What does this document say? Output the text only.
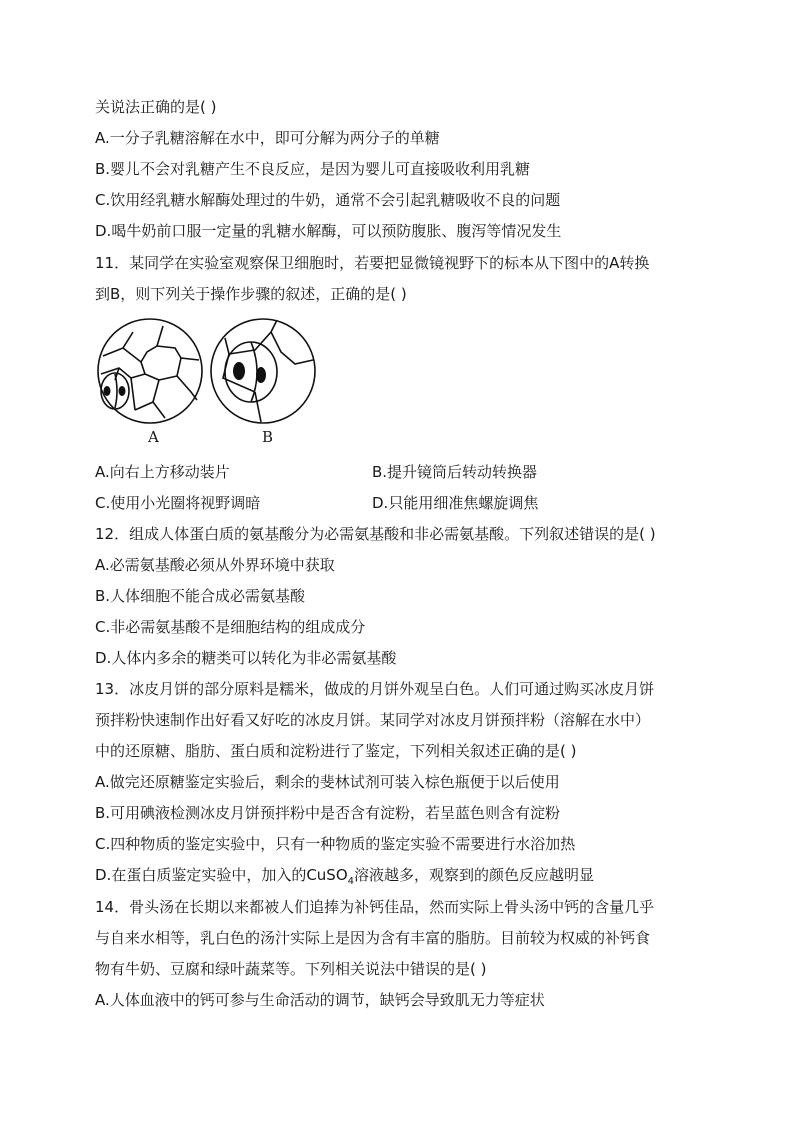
关说法正确的是( )
A.一分子乳糖溶解在水中，即可分解为两分子的单糖
B.婴儿不会对乳糖产生不良反应，是因为婴儿可直接吸收利用乳糖
C.饮用经乳糖水解酶处理过的牛奶，通常不会引起乳糖吸收不良的问题
D.喝牛奶前口服一定量的乳糖水解酶，可以预防腹胀、腹泻等情况发生
11．某同学在实验室观察保卫细胞时，若要把显微镜视野下的标本从下图中的A转换
到B，则下列关于操作步骤的叙述，正确的是( )
A	B
A.向右上方移动装片	B.提升镜筒后转动转换器
C.使用小光圈将视野调暗	D.只能用细准焦螺旋调焦
12．组成人体蛋白质的氨基酸分为必需氨基酸和非必需氨基酸。下列叙述错误的是( )
A.必需氨基酸必须从外界环境中获取
B.人体细胞不能合成必需氨基酸
C.非必需氨基酸不是细胞结构的组成成分
D.人体内多余的糖类可以转化为非必需氨基酸
13．冰皮月饼的部分原料是糯米，做成的月饼外观呈白色。人们可通过购买冰皮月饼
预拌粉快速制作出好看又好吃的冰皮月饼。某同学对冰皮月饼预拌粉（溶解在水中）
中的还原糖、脂肪、蛋白质和淀粉进行了鉴定，下列相关叙述正确的是( )
A.做完还原糖鉴定实验后，剩余的斐林试剂可装入棕色瓶便于以后使用
B.可用碘液检测冰皮月饼预拌粉中是否含有淀粉，若呈蓝色则含有淀粉
C.四种物质的鉴定实验中，只有一种物质的鉴定实验不需要进行水浴加热
D.在蛋白质鉴定实验中，加入的CuSO$_4$溶液越多，观察到的颜色反应越明显
14．骨头汤在长期以来都被人们追捧为补钙佳品，然而实际上骨头汤中钙的含量几乎
与自来水相等，乳白色的汤汁实际上是因为含有丰富的脂肪。目前较为权威的补钙食
物有牛奶、豆腐和绿叶蔬菜等。下列相关说法中错误的是( )
A.人体血液中的钙可参与生命活动的调节，缺钙会导致肌无力等症状
